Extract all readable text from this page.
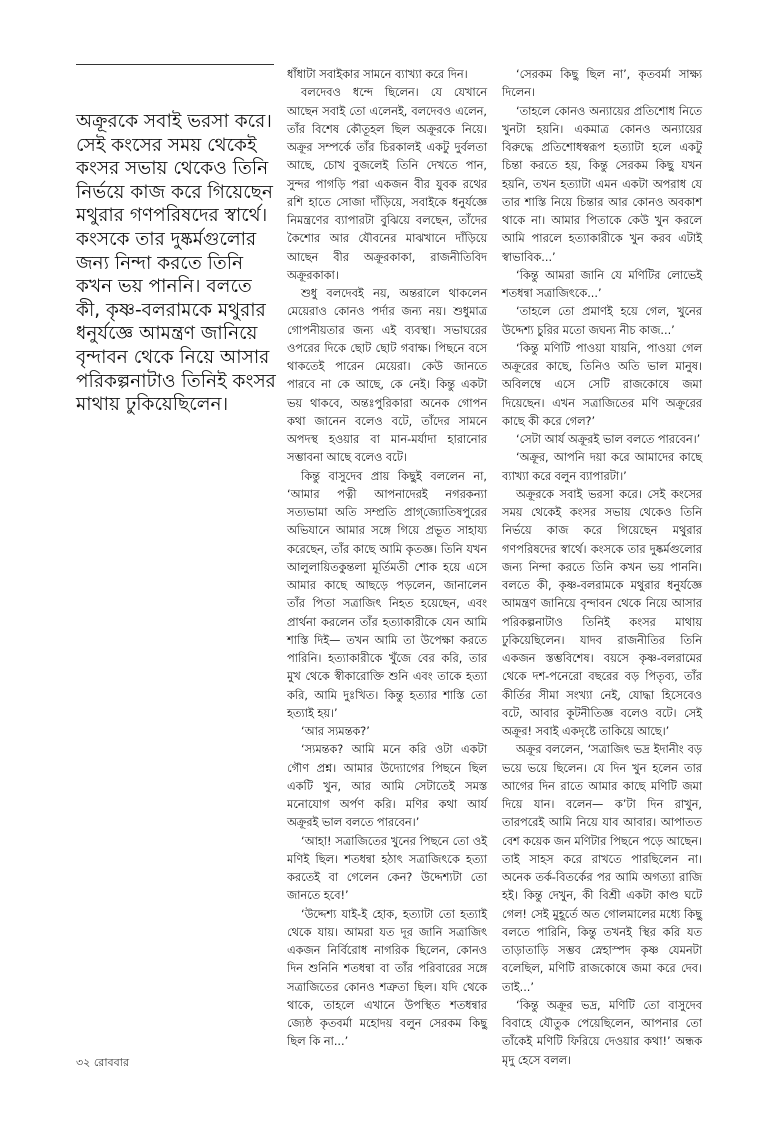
অক্রূরকে সবাই ভরসা করে। সেই কংসের সময় থেকেই কংসর সভায় থেকেও তিনি নির্ভয়ে কাজ করে গিয়েছেন মথুরার গণপরিষদের স্বার্থে। কংসকে তার দুষ্কর্মগুলোর জন্য নিন্দা করতে তিনি কখন ভয় পাননি। বলতে কী, কৃষ্ণ-বলরামকে মথুরার ধনুর্যজ্ঞে আমন্ত্রণ জানিয়ে বৃন্দাবন থেকে নিয়ে আসার পরিকল্পনাটাও তিনিই কংসর মাথায় ঢুকিয়েছিলেন।

ধাঁধাটা সবাইকার সামনে ব্যাখ্যা করে দিন।

বলদেবও ধন্দে ছিলেন। যে যেখানে আছেন সবাই তো এলেনই, বলদেবও এলেন, তাঁর বিশেষ কৌতূহল ছিল অক্রূরকে নিয়ে। অক্রূর সম্পর্কে তাঁর চিরকালই একটু দুর্বলতা আছে, চোখ বুজলেই তিনি দেখতে পান, সুন্দর পাগড়ি পরা একজন বীর যুবক রথের রশি হাতে সোজা দাঁড়িয়ে, সবাইকে ধনুর্যজ্ঞে নিমন্ত্রণের ব্যাপারটা বুঝিয়ে বলছেন, তাঁদের কৈশোর আর যৌবনের মাঝখানে দাঁড়িয়ে আছেন বীর অক্রূরকাকা, রাজনীতিবিদ অক্রূরকাকা।

শুধু বলদেবই নয়, অন্তরালে থাকলেন মেয়েরাও কোনও পর্দার জন্য নয়। শুধুমাত্র গোপনীয়তার জন্য এই ব্যবস্থা। সভাঘরের ওপরের দিকে ছোট ছোট গবাক্ষ। পিছনে বসে থাকতেই পারেন মেয়েরা। কেউ জানতে পারবে না কে আছে, কে নেই। কিন্তু একটা ভয় থাকবে, অন্তঃপুরিকারা অনেক গোপন কথা জানেন বলেও বটে, তাঁদের সামনে অপদস্থ হওয়ার বা মান-মর্যাদা হারানোর সম্ভাবনা আছে বলেও বটে।

কিন্তু বাসুদেব প্রায় কিছুই বললেন না, ‘আমার পত্নী আপনাদেরই নগরকন্যা সত্যভামা অতি সম্প্রতি প্রাগ্‌জ্যোতিষপুরের অভিযানে আমার সঙ্গে গিয়ে প্রভূত সাহায্য করেছেন, তাঁর কাছে আমি কৃতজ্ঞ। তিনি যখন আলুলায়িতকুন্তলা মূর্তিমতী শোক হয়ে এসে আমার কাছে আছড়ে পড়লেন, জানালেন তাঁর পিতা সত্রাজিৎ নিহত হয়েছেন, এবং প্রার্থনা করলেন তাঁর হত্যাকারীকে যেন আমি শাস্তি দিই— তখন আমি তা উপেক্ষা করতে পারিনি। হত্যাকারীকে খুঁজে বের করি, তার মুখ থেকে স্বীকারোক্তি শুনি এবং তাকে হত্যা করি, আমি দুঃখিত। কিন্তু হত্যার শাস্তি তো হত্যাই হয়।’

‘আর স্যমন্তক?’

‘স্যমন্তক? আমি মনে করি ওটা একটা গৌণ প্রশ্ন। আমার উদ্যোগের পিছনে ছিল একটি খুন, আর আমি সেটাতেই সমস্ত মনোযোগ অর্পণ করি। মণির কথা আর্য অক্রূরই ভাল বলতে পারবেন।’

‘আহা! সত্রাজিতের খুনের পিছনে তো ওই মণিই ছিল। শতধন্বা হঠাৎ সত্রাজিৎকে হত্যা করতেই বা গেলেন কেন? উদ্দেশ্যটা তো জানতে হবে!’

‘উদ্দেশ্য যাই-ই হোক, হত্যাটা তো হত্যাই থেকে যায়। আমরা যত দূর জানি সত্রাজিৎ একজন নির্বিরোধ নাগরিক ছিলেন, কোনও দিন শুনিনি শতধন্বা বা তাঁর পরিবারের সঙ্গে সত্রাজিতের কোনও শত্রুতা ছিল। যদি থেকে থাকে, তাহলে এখানে উপস্থিত শতধন্বার জ্যেষ্ঠ কৃতবর্মা মহোদয় বলুন সেরকম কিছু ছিল কি না...’

‘সেরকম কিছু ছিল না’, কৃতবর্মা সাক্ষ্য দিলেন।

‘তাহলে কোনও অন্যায়ের প্রতিশোধ নিতে খুনটা হয়নি। একমাত্র কোনও অন্যায়ের বিরুদ্ধে প্রতিশোধস্বরূপ হত্যাটা হলে একটু চিন্তা করতে হয়, কিন্তু সেরকম কিছু যখন হয়নি, তখন হত্যাটা এমন একটা অপরাধ যে তার শাস্তি নিয়ে চিন্তার আর কোনও অবকাশ থাকে না। আমার পিতাকে কেউ খুন করলে আমি পারলে হত্যাকারীকে খুন করব এটাই স্বাভাবিক...’

‘কিন্তু আমরা জানি যে মণিটির লোভেই শতধন্বা সত্রাজিৎকে...’

‘তাহলে তো প্রমাণই হয়ে গেল, খুনের উদ্দেশ্য চুরির মতো জঘন্য নীচ কাজ...’

‘কিন্তু মণিটি পাওয়া যায়নি, পাওয়া গেল অক্রূরের কাছে, তিনিও অতি ভাল মানুষ। অবিলম্বে এসে সেটি রাজকোষে জমা দিয়েছেন। এখন সত্রাজিতের মণি অক্রূরের কাছে কী করে গেল?’

‘সেটা আর্য অক্রূরই ভাল বলতে পারবেন।’

‘অক্রূর, আপনি দয়া করে আমাদের কাছে ব্যাখ্যা করে বলুন ব্যাপারটা।’

অক্রূরকে সবাই ভরসা করে। সেই কংসের সময় থেকেই কংসর সভায় থেকেও তিনি নির্ভয়ে কাজ করে গিয়েছেন মথুরার গণপরিষদের স্বার্থে। কংসকে তার দুষ্কর্মগুলোর জন্য নিন্দা করতে তিনি কখন ভয় পাননি। বলতে কী, কৃষ্ণ-বলরামকে মথুরার ধনুর্যজ্ঞে আমন্ত্রণ জানিয়ে বৃন্দাবন থেকে নিয়ে আসার পরিকল্পনাটাও তিনিই কংসর মাথায় ঢুকিয়েছিলেন। যাদব রাজনীতির তিনি একজন স্তম্ভবিশেষ। বয়সে কৃষ্ণ-বলরামের থেকে দশ-পনেরো বছরের বড় পিতৃব্য, তাঁর কীর্তির সীমা সংখ্যা নেই, যোদ্ধা হিসেবেও বটে, আবার কূটনীতিজ্ঞ বলেও বটে। সেই অক্রূর! সবাই একদৃষ্টে তাকিয়ে আছে।’

অক্রূর বললেন, ‘সত্রাজিৎ ভদ্র ইদানীং বড় ভয়ে ভয়ে ছিলেন। যে দিন খুন হলেন তার আগের দিন রাতে আমার কাছে মণিটি জমা দিয়ে যান। বলেন— ক’টা দিন রাখুন, তারপরেই আমি নিয়ে যাব আবার। আপাতত বেশ কয়েক জন মণিটার পিছনে পড়ে আছেন। তাই সাহস করে রাখতে পারছিলেন না। অনেক তর্ক-বিতর্কের পর আমি অগত্যা রাজি হই। কিন্তু দেখুন, কী বিশ্রী একটা কাণ্ড ঘটে গেল! সেই মুহূর্তে অত গোলমালের মধ্যে কিছু বলতে পারিনি, কিন্তু তখনই স্থির করি যত তাড়াতাড়ি সম্ভব স্নেহাস্পদ কৃষ্ণ যেমনটা বলেছিল, মণিটি রাজকোষে জমা করে দেব। তাই...’

‘কিন্তু অক্রূর ভদ্র, মণিটি তো বাসুদেব বিবাহে যৌতুক পেয়েছিলেন, আপনার তো তাঁকেই মণিটি ফিরিয়ে দেওয়ার কথা!’ অন্ধক মৃদু হেসে বলল।

৩২ রোববার
